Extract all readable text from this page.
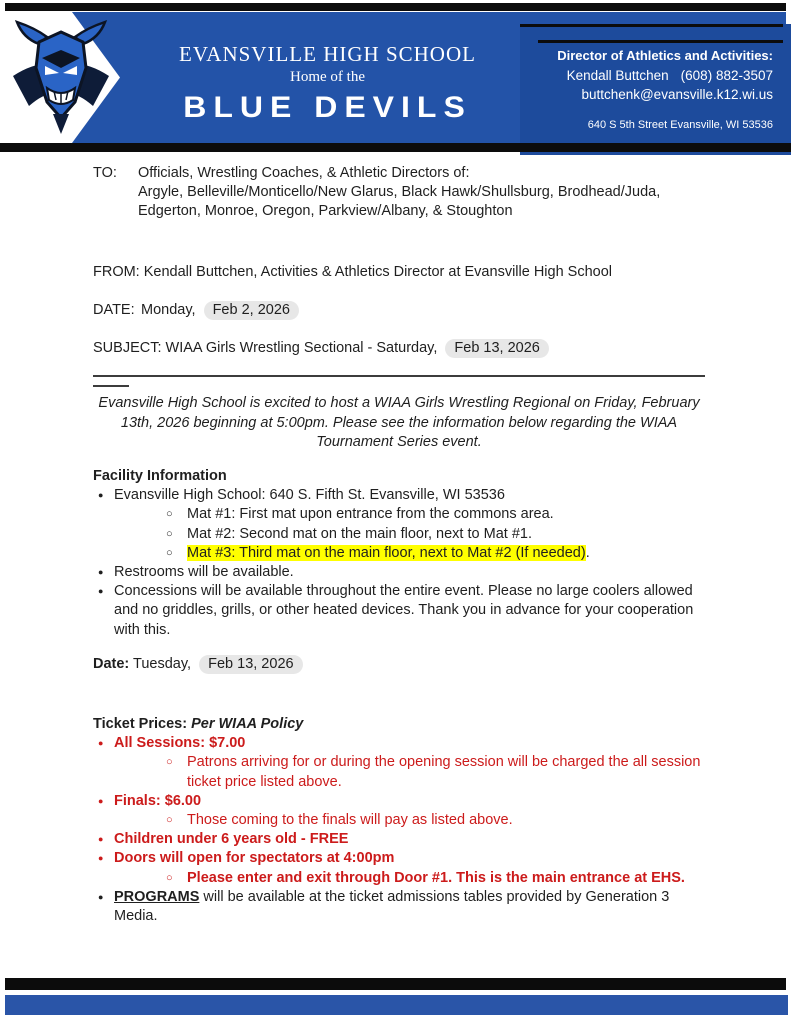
EVANSVILLE HIGH SCHOOL
Home of the
BLUE DEVILS
Director of Athletics and Activities:
Kendall Buttchen (608) 882-3507
buttchenk@evansville.k12.wi.us
640 S 5th Street Evansville, WI 53536
TO: Officials, Wrestling Coaches, & Athletic Directors of:
Argyle, Belleville/Monticello/New Glarus, Black Hawk/Shullsburg, Brodhead/Juda,
Edgerton, Monroe, Oregon, Parkview/Albany, & Stoughton
FROM: Kendall Buttchen, Activities & Athletics Director at Evansville High School
DATE: Monday, Feb 2, 2026
SUBJECT: WIAA Girls Wrestling Sectional - Saturday, Feb 13, 2026
Evansville High School is excited to host a WIAA Girls Wrestling Regional on Friday, February
13th, 2026 beginning at 5:00pm. Please see the information below regarding the WIAA
Tournament Series event.
Facility Information
● Evansville High School: 640 S. Fifth St. Evansville, WI 53536
○ Mat #1: First mat upon entrance from the commons area.
○ Mat #2: Second mat on the main floor, next to Mat #1.
○ Mat #3: Third mat on the main floor, next to Mat #2 (If needed).
● Restrooms will be available.
● Concessions will be available throughout the entire event. Please no large coolers allowed and no griddles, grills, or other heated devices. Thank you in advance for your cooperation with this.
Date: Tuesday, Feb 13, 2026
Ticket Prices: Per WIAA Policy
● All Sessions: $7.00
○ Patrons arriving for or during the opening session will be charged the all session ticket price listed above.
● Finals: $6.00
○ Those coming to the finals will pay as listed above.
● Children under 6 years old - FREE
● Doors will open for spectators at 4:00pm
○ Please enter and exit through Door #1. This is the main entrance at EHS.
● PROGRAMS will be available at the ticket admissions tables provided by Generation 3 Media.
